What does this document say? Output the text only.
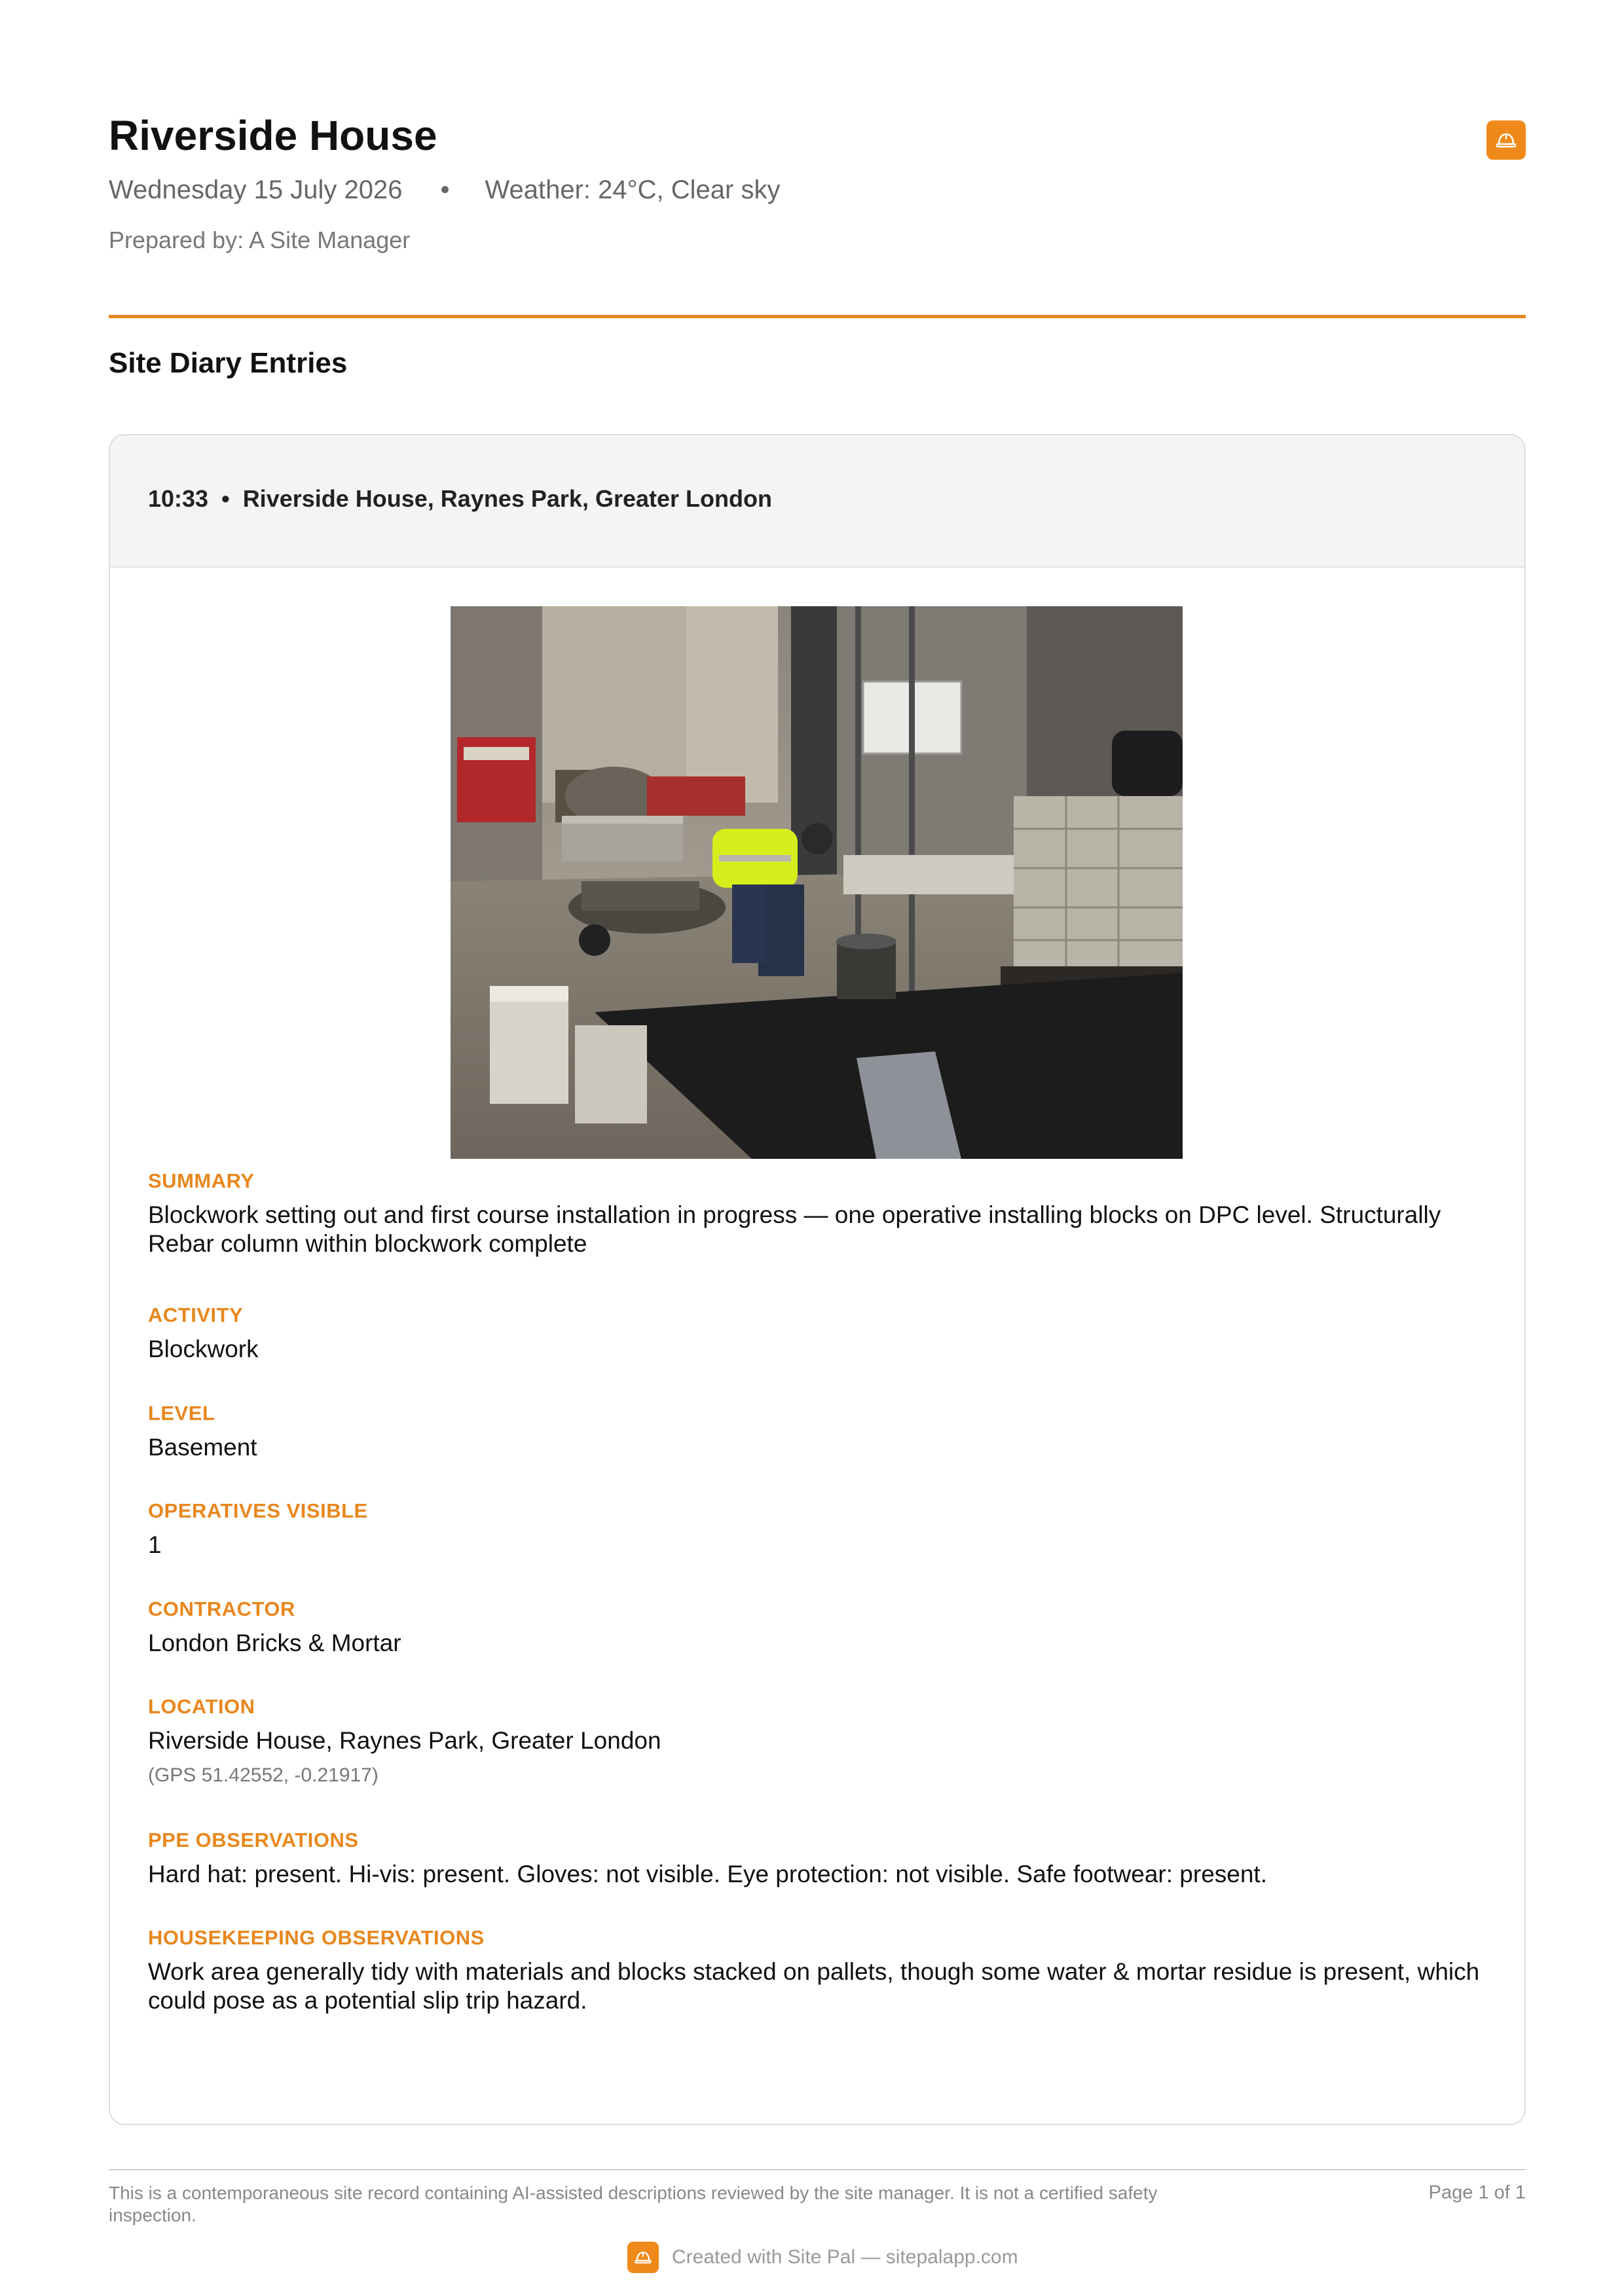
Riverside House
Wednesday 15 July 2026 • Weather: 24°C, Clear sky
Prepared by: A Site Manager
Site Diary Entries
10:33 • Riverside House, Raynes Park, Greater London
SUMMARY
Blockwork setting out and first course installation in progress — one operative installing blocks on DPC level. Structurally Rebar column within blockwork complete
ACTIVITY
Blockwork
LEVEL
Basement
OPERATIVES VISIBLE
1
CONTRACTOR
London Bricks & Mortar
LOCATION
Riverside House, Raynes Park, Greater London
(GPS 51.42552, -0.21917)
PPE OBSERVATIONS
Hard hat: present. Hi-vis: present. Gloves: not visible. Eye protection: not visible. Safe footwear: present.
HOUSEKEEPING OBSERVATIONS
Work area generally tidy with materials and blocks stacked on pallets, though some water & mortar residue is present, which could pose as a potential slip trip hazard.
This is a contemporaneous site record containing AI-assisted descriptions reviewed by the site manager. It is not a certified safety inspection.
Page 1 of 1
Created with Site Pal — sitepalapp.com
